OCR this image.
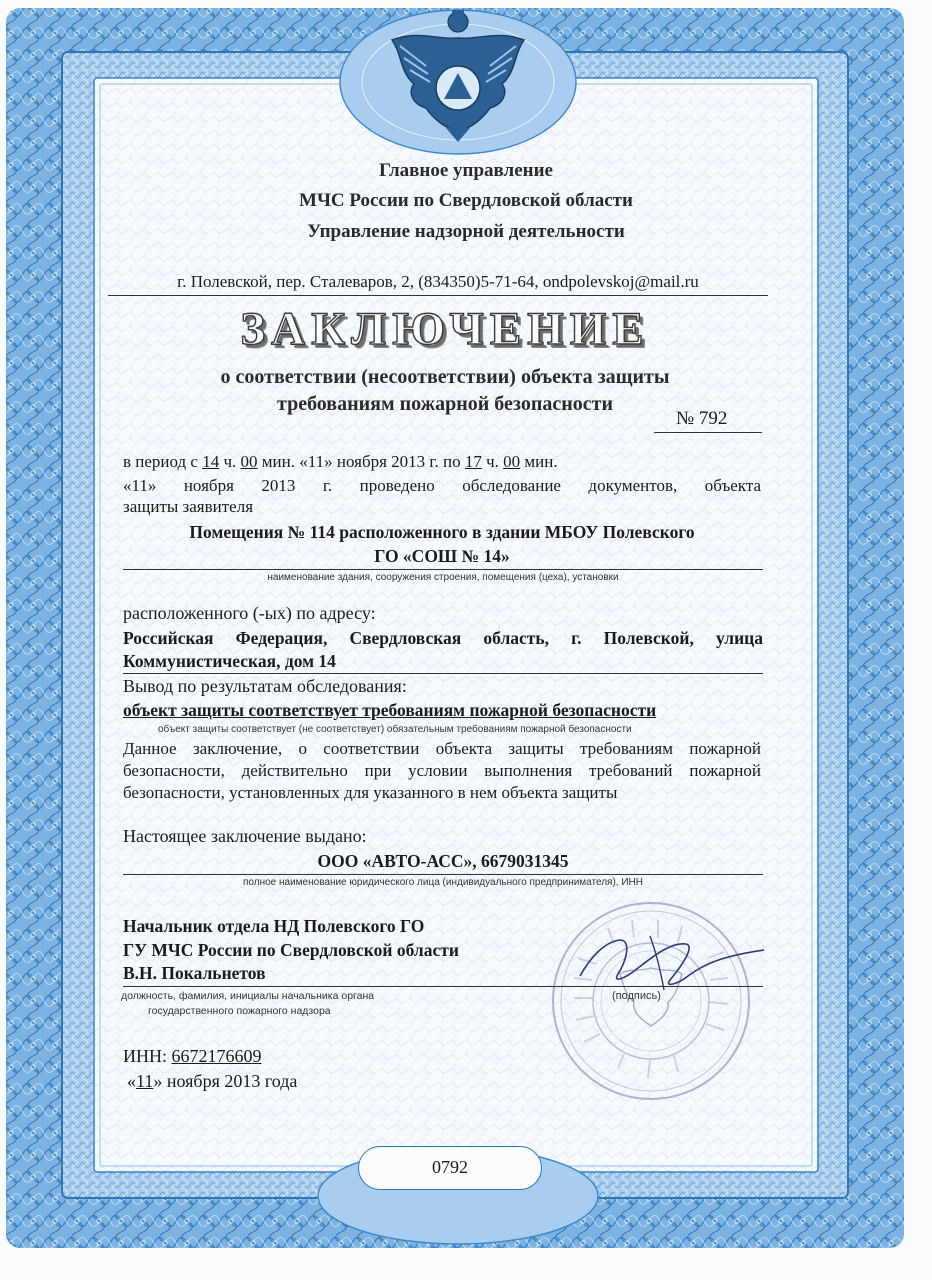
Главное управление

МЧС России по Свердловской области

Управление надзорной деятельности

г. Полевской, пер. Сталеваров, 2, (834350)5-71-64, ondpolevskoj@mail.ru

ЗАКЛЮЧЕНИЕ

о соответствии (несоответствии) объекта защиты

требованиям пожарной безопасности

№ 792

в период с 14 ч. 00 мин. «11» ноября 2013 г. по 17 ч. 00 мин.

«11» ноября 2013 г. проведено обследование документов, объекта

защиты заявителя

Помещения № 114 расположенного в здании МБОУ Полевского

ГО «СОШ № 14»

наименование здания, сооружения строения, помещения (цеха), установки

расположенного (-ых) по адресу:

Российская Федерация, Свердловская область, г. Полевской, улица

Коммунистическая, дом 14

Вывод по результатам обследования:

объект защиты соответствует требованиям пожарной безопасности

объект защиты соответствует (не соответствует) обязательным требованиям пожарной безопасности

Данное заключение, о соответствии объекта защиты требованиям пожарной безопасности, действительно при условии выполнения требований пожарной безопасности, установленных для указанного в нем объекта защиты

Настоящее заключение выдано:

ООО «АВТО-АСС», 6679031345

полное наименование юридического лица (индивидуального предпринимателя), ИНН

Начальник отдела НД Полевского ГО

ГУ МЧС России по Свердловской области

В.Н. Покальнетов

должность, фамилия, инициалы начальника органа

государственного пожарного надзора

(подпись)

ИНН: 6672176609

«11» ноября 2013 года

0792
